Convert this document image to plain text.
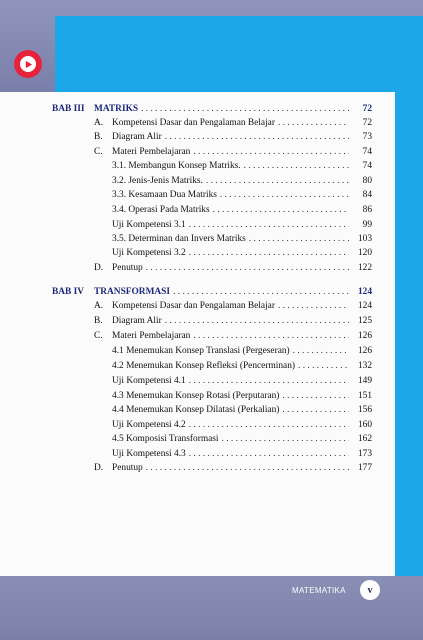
BAB III	MATRIKS . . .	72
A. Kompetensi Dasar dan Pengalaman Belajar . . .	72
B. Diagram Alir . . .	73
C. Materi Pembelajaran . . .	74
3.1. Membangun Konsep Matriks. . . .	74
3.2. Jenis-Jenis Matriks. . . .	80
3.3. Kesamaan Dua Matriks . . .	84
3.4. Operasi Pada Matriks . . .	86
Uji Kompetensi 3.1 . . .	99
3.5. Determinan dan Invers Matriks . . .	103
Uji Kompetensi 3.2 . . .	120
D. Penutup . . .	122
BAB IV	TRANSFORMASI . . .	124
A. Kompetensi Dasar dan Pengalaman Belajar . . .	124
B. Diagram Alir . . .	125
C. Materi Pembelajaran . . .	126
4.1 Menemukan Konsep Translasi (Pergeseran) . . .	126
4.2 Menemukan Konsep Refleksi (Pencerminan) . . .	132
Uji Kompetensi 4.1 . . .	149
4.3 Menemukan Konsep Rotasi (Perputaran) . . .	151
4.4 Menemukan Konsep Dilatasi (Perkalian) . . .	156
Uji Kompetensi 4.2 . . .	160
4.5 Komposisi Transformasi . . .	162
Uji Kompetensi 4.3 . . .	173
D. Penutup . . .	177
MATEMATIKA	v
